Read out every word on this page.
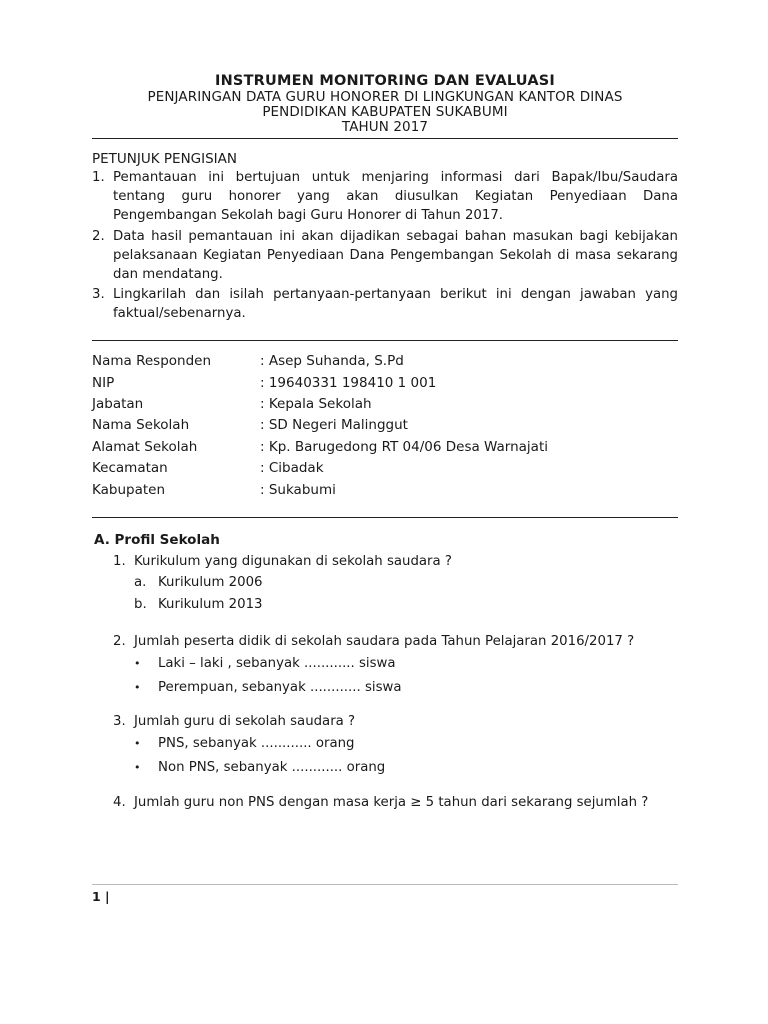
INSTRUMEN MONITORING DAN EVALUASI
PENJARINGAN DATA GURU HONORER DI LINGKUNGAN KANTOR DINAS
PENDIDIKAN KABUPATEN SUKABUMI
TAHUN 2017
PETUNJUK PENGISIAN
1. Pemantauan ini bertujuan untuk menjaring informasi dari Bapak/Ibu/Saudara tentang guru honorer yang akan diusulkan Kegiatan Penyediaan Dana Pengembangan Sekolah bagi Guru Honorer di Tahun 2017.
2. Data hasil pemantauan ini akan dijadikan sebagai bahan masukan bagi kebijakan pelaksanaan Kegiatan Penyediaan Dana Pengembangan Sekolah di masa sekarang dan mendatang.
3. Lingkarilah dan isilah pertanyaan-pertanyaan berikut ini dengan jawaban yang faktual/sebenarnya.
Nama Responden	: Asep Suhanda, S.Pd
NIP	: 19640331 198410 1 001
Jabatan	: Kepala Sekolah
Nama Sekolah	: SD Negeri Malinggut
Alamat Sekolah	: Kp. Barugedong RT 04/06 Desa Warnajati
Kecamatan	: Cibadak
Kabupaten	: Sukabumi
A. Profil Sekolah
1. Kurikulum yang digunakan di sekolah saudara ?
a. Kurikulum 2006
b. Kurikulum 2013
2. Jumlah peserta didik di sekolah saudara pada Tahun Pelajaran 2016/2017 ?
• Laki – laki , sebanyak ............ siswa
• Perempuan, sebanyak ............ siswa
3. Jumlah guru di sekolah saudara ?
• PNS, sebanyak ............ orang
• Non PNS, sebanyak ............ orang
4. Jumlah guru non PNS dengan masa kerja ≥ 5 tahun dari sekarang sejumlah ?
1 |
